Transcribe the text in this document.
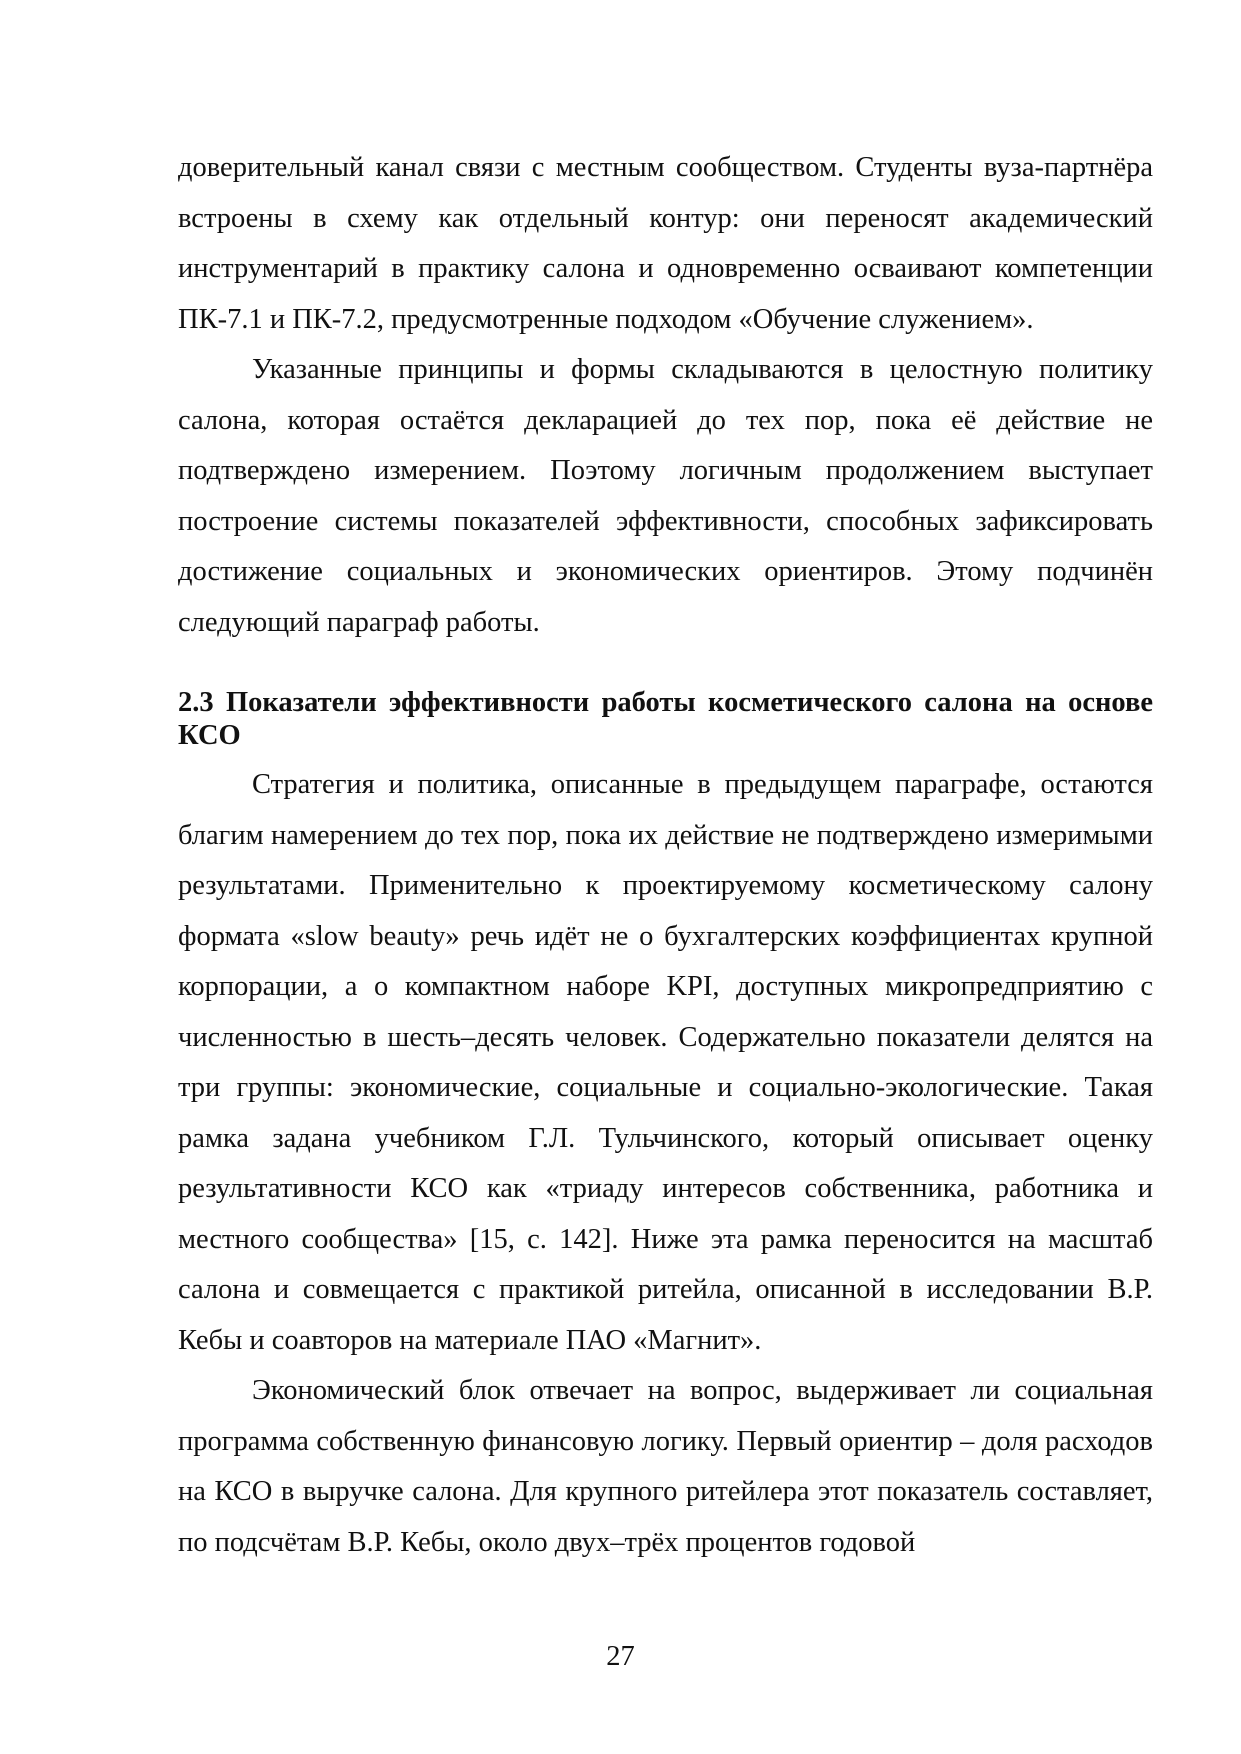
доверительный канал связи с местным сообществом. Студенты вуза-партнёра встроены в схему как отдельный контур: они переносят академический инструментарий в практику салона и одновременно осваивают компетенции ПК-7.1 и ПК-7.2, предусмотренные подходом «Обучение служением».

Указанные принципы и формы складываются в целостную политику салона, которая остаётся декларацией до тех пор, пока её действие не подтверждено измерением. Поэтому логичным продолжением выступает построение системы показателей эффективности, способных зафиксировать достижение социальных и экономических ориентиров. Этому подчинён следующий параграф работы.

2.3 Показатели эффективности работы косметического салона на основе КСО

Стратегия и политика, описанные в предыдущем параграфе, остаются благим намерением до тех пор, пока их действие не подтверждено измеримыми результатами. Применительно к проектируемому косметическому салону формата «slow beauty» речь идёт не о бухгалтерских коэффициентах крупной корпорации, а о компактном наборе KPI, доступных микропредприятию с численностью в шесть–десять человек. Содержательно показатели делятся на три группы: экономические, социальные и социально-экологические. Такая рамка задана учебником Г.Л. Тульчинского, который описывает оценку результативности КСО как «триаду интересов собственника, работника и местного сообщества» [15, с. 142]. Ниже эта рамка переносится на масштаб салона и совмещается с практикой ритейла, описанной в исследовании В.Р. Кебы и соавторов на материале ПАО «Магнит».

Экономический блок отвечает на вопрос, выдерживает ли социальная программа собственную финансовую логику. Первый ориентир – доля расходов на КСО в выручке салона. Для крупного ритейлера этот показатель составляет, по подсчётам В.Р. Кебы, около двух–трёх процентов годовой

27
